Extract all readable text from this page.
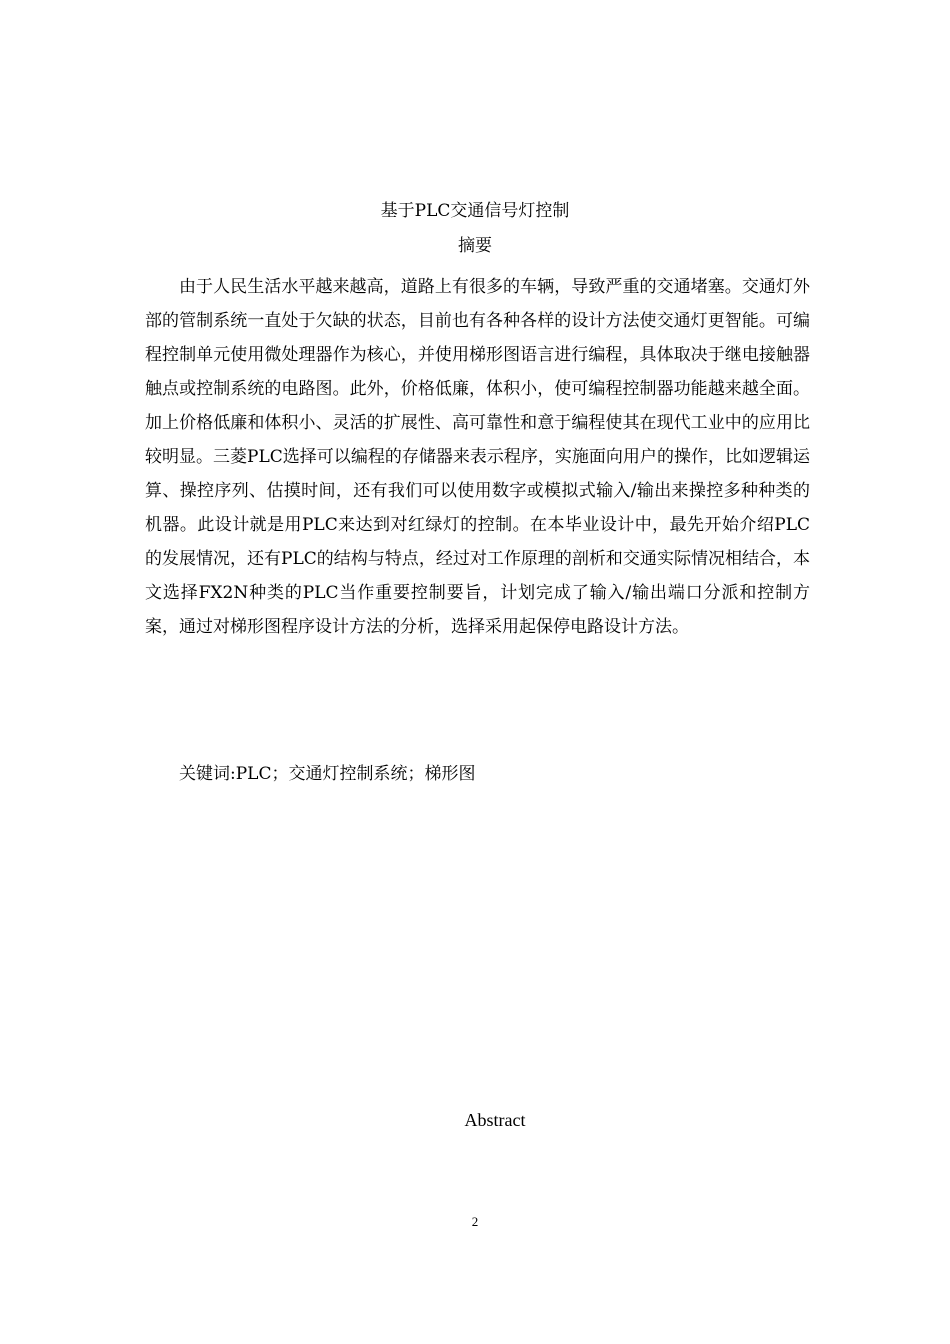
基于PLC交通信号灯控制
摘要

由于人民生活水平越来越高，道路上有很多的车辆，导致严重的交通堵塞。交通灯外部的管制系统一直处于欠缺的状态，目前也有各种各样的设计方法使交通灯更智能。可编程控制单元使用微处理器作为核心，并使用梯形图语言进行编程，具体取决于继电接触器触点或控制系统的电路图。此外，价格低廉，体积小，使可编程控制器功能越来越全面。加上价格低廉和体积小、灵活的扩展性、高可靠性和意于编程使其在现代工业中的应用比较明显。三菱PLC选择可以编程的存储器来表示程序，实施面向用户的操作，比如逻辑运算、操控序列、估摸时间，还有我们可以使用数字或模拟式输入/输出来操控多种种类的机器。此设计就是用PLC来达到对红绿灯的控制。在本毕业设计中，最先开始介绍PLC的发展情况，还有PLC的结构与特点，经过对工作原理的剖析和交通实际情况相结合，本文选择FX2N种类的PLC当作重要控制要旨，计划完成了输入/输出端口分派和控制方案，通过对梯形图程序设计方法的分析，选择采用起保停电路设计方法。

关键词:PLC；交通灯控制系统；梯形图

Abstract
2
